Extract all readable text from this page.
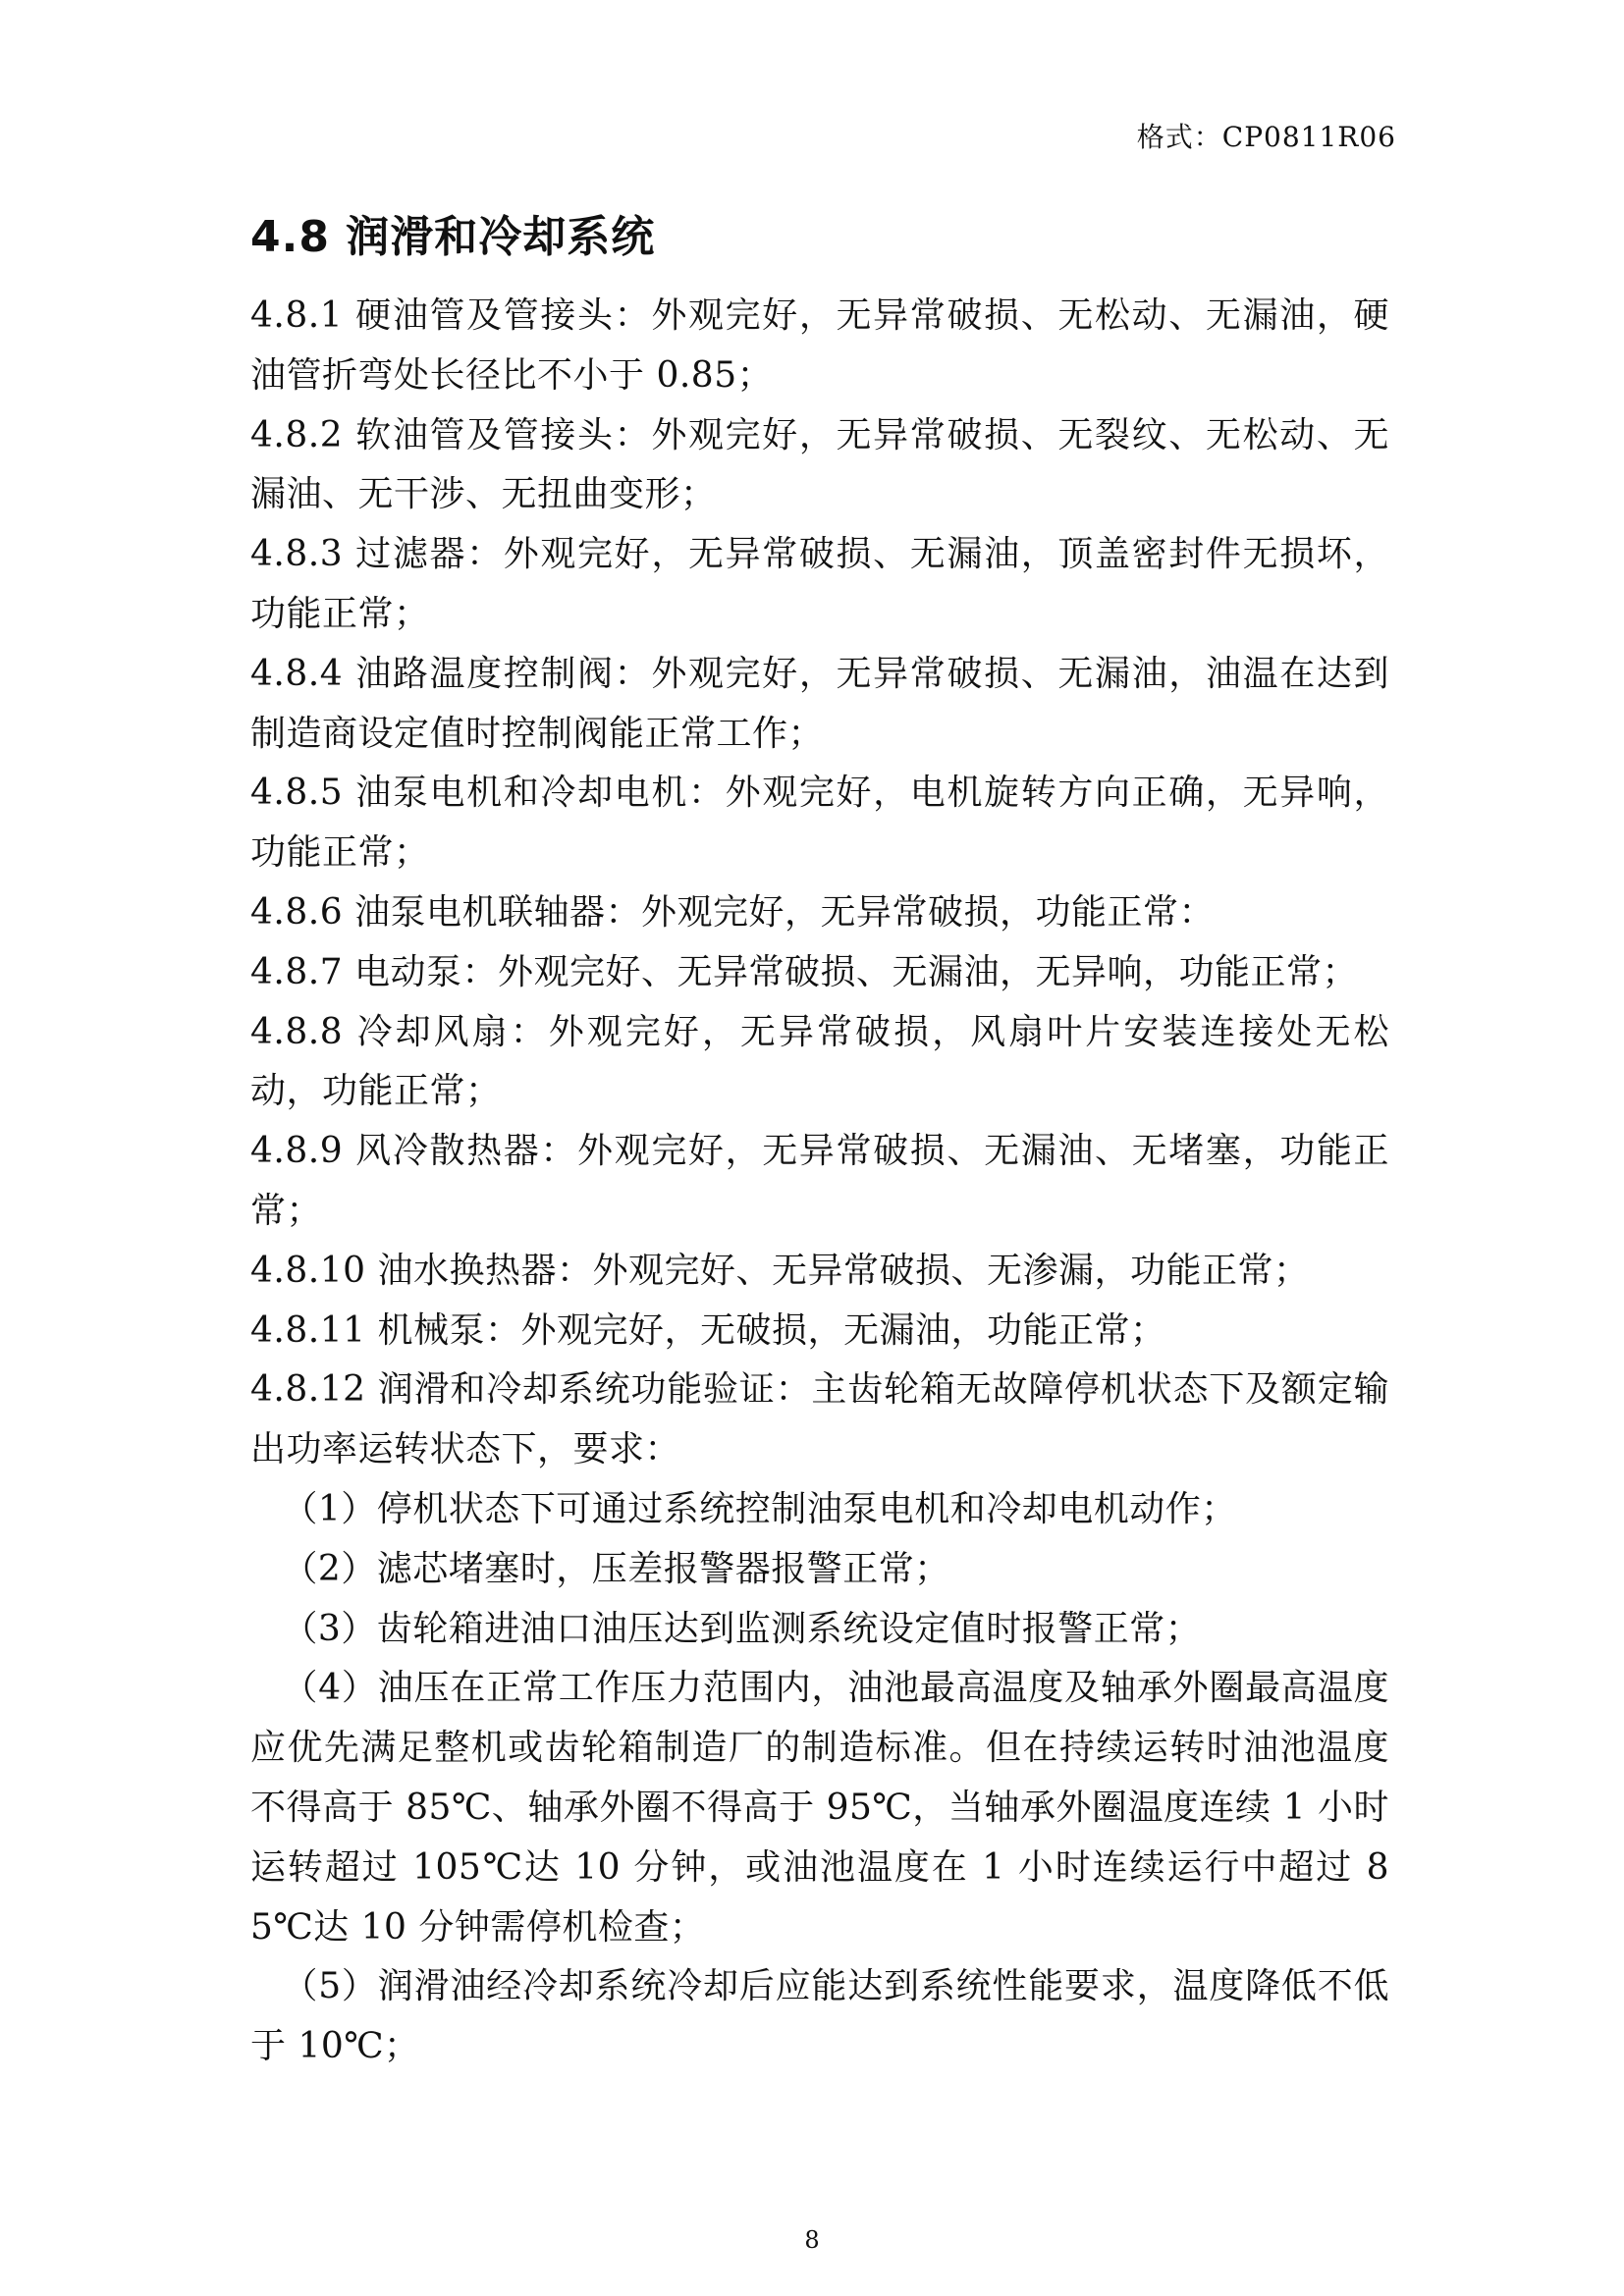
格式：CP0811R06
4.8 润滑和冷却系统
4.8.1 硬油管及管接头：外观完好，无异常破损、无松动、无漏油，硬油管折弯处长径比不小于 0.85；
4.8.2 软油管及管接头：外观完好，无异常破损、无裂纹、无松动、无漏油、无干涉、无扭曲变形；
4.8.3 过滤器：外观完好，无异常破损、无漏油，顶盖密封件无损坏，功能正常；
4.8.4 油路温度控制阀：外观完好，无异常破损、无漏油，油温在达到制造商设定值时控制阀能正常工作；
4.8.5 油泵电机和冷却电机：外观完好，电机旋转方向正确，无异响，功能正常；
4.8.6 油泵电机联轴器：外观完好，无异常破损，功能正常：
4.8.7 电动泵：外观完好、无异常破损、无漏油，无异响，功能正常；
4.8.8 冷却风扇：外观完好，无异常破损，风扇叶片安装连接处无松动，功能正常；
4.8.9 风冷散热器：外观完好，无异常破损、无漏油、无堵塞，功能正常；
4.8.10 油水换热器：外观完好、无异常破损、无渗漏，功能正常；
4.8.11 机械泵：外观完好，无破损，无漏油，功能正常；
4.8.12 润滑和冷却系统功能验证：主齿轮箱无故障停机状态下及额定输出功率运转状态下，要求：
（1）停机状态下可通过系统控制油泵电机和冷却电机动作；
（2）滤芯堵塞时，压差报警器报警正常；
（3）齿轮箱进油口油压达到监测系统设定值时报警正常；
（4）油压在正常工作压力范围内，油池最高温度及轴承外圈最高温度应优先满足整机或齿轮箱制造厂的制造标准。但在持续运转时油池温度不得高于 85℃、轴承外圈不得高于 95℃，当轴承外圈温度连续 1 小时运转超过 105℃达 10 分钟，或油池温度在 1 小时连续运行中超过 85℃达 10 分钟需停机检查；
（5）润滑油经冷却系统冷却后应能达到系统性能要求，温度降低不低于 10℃；
8
